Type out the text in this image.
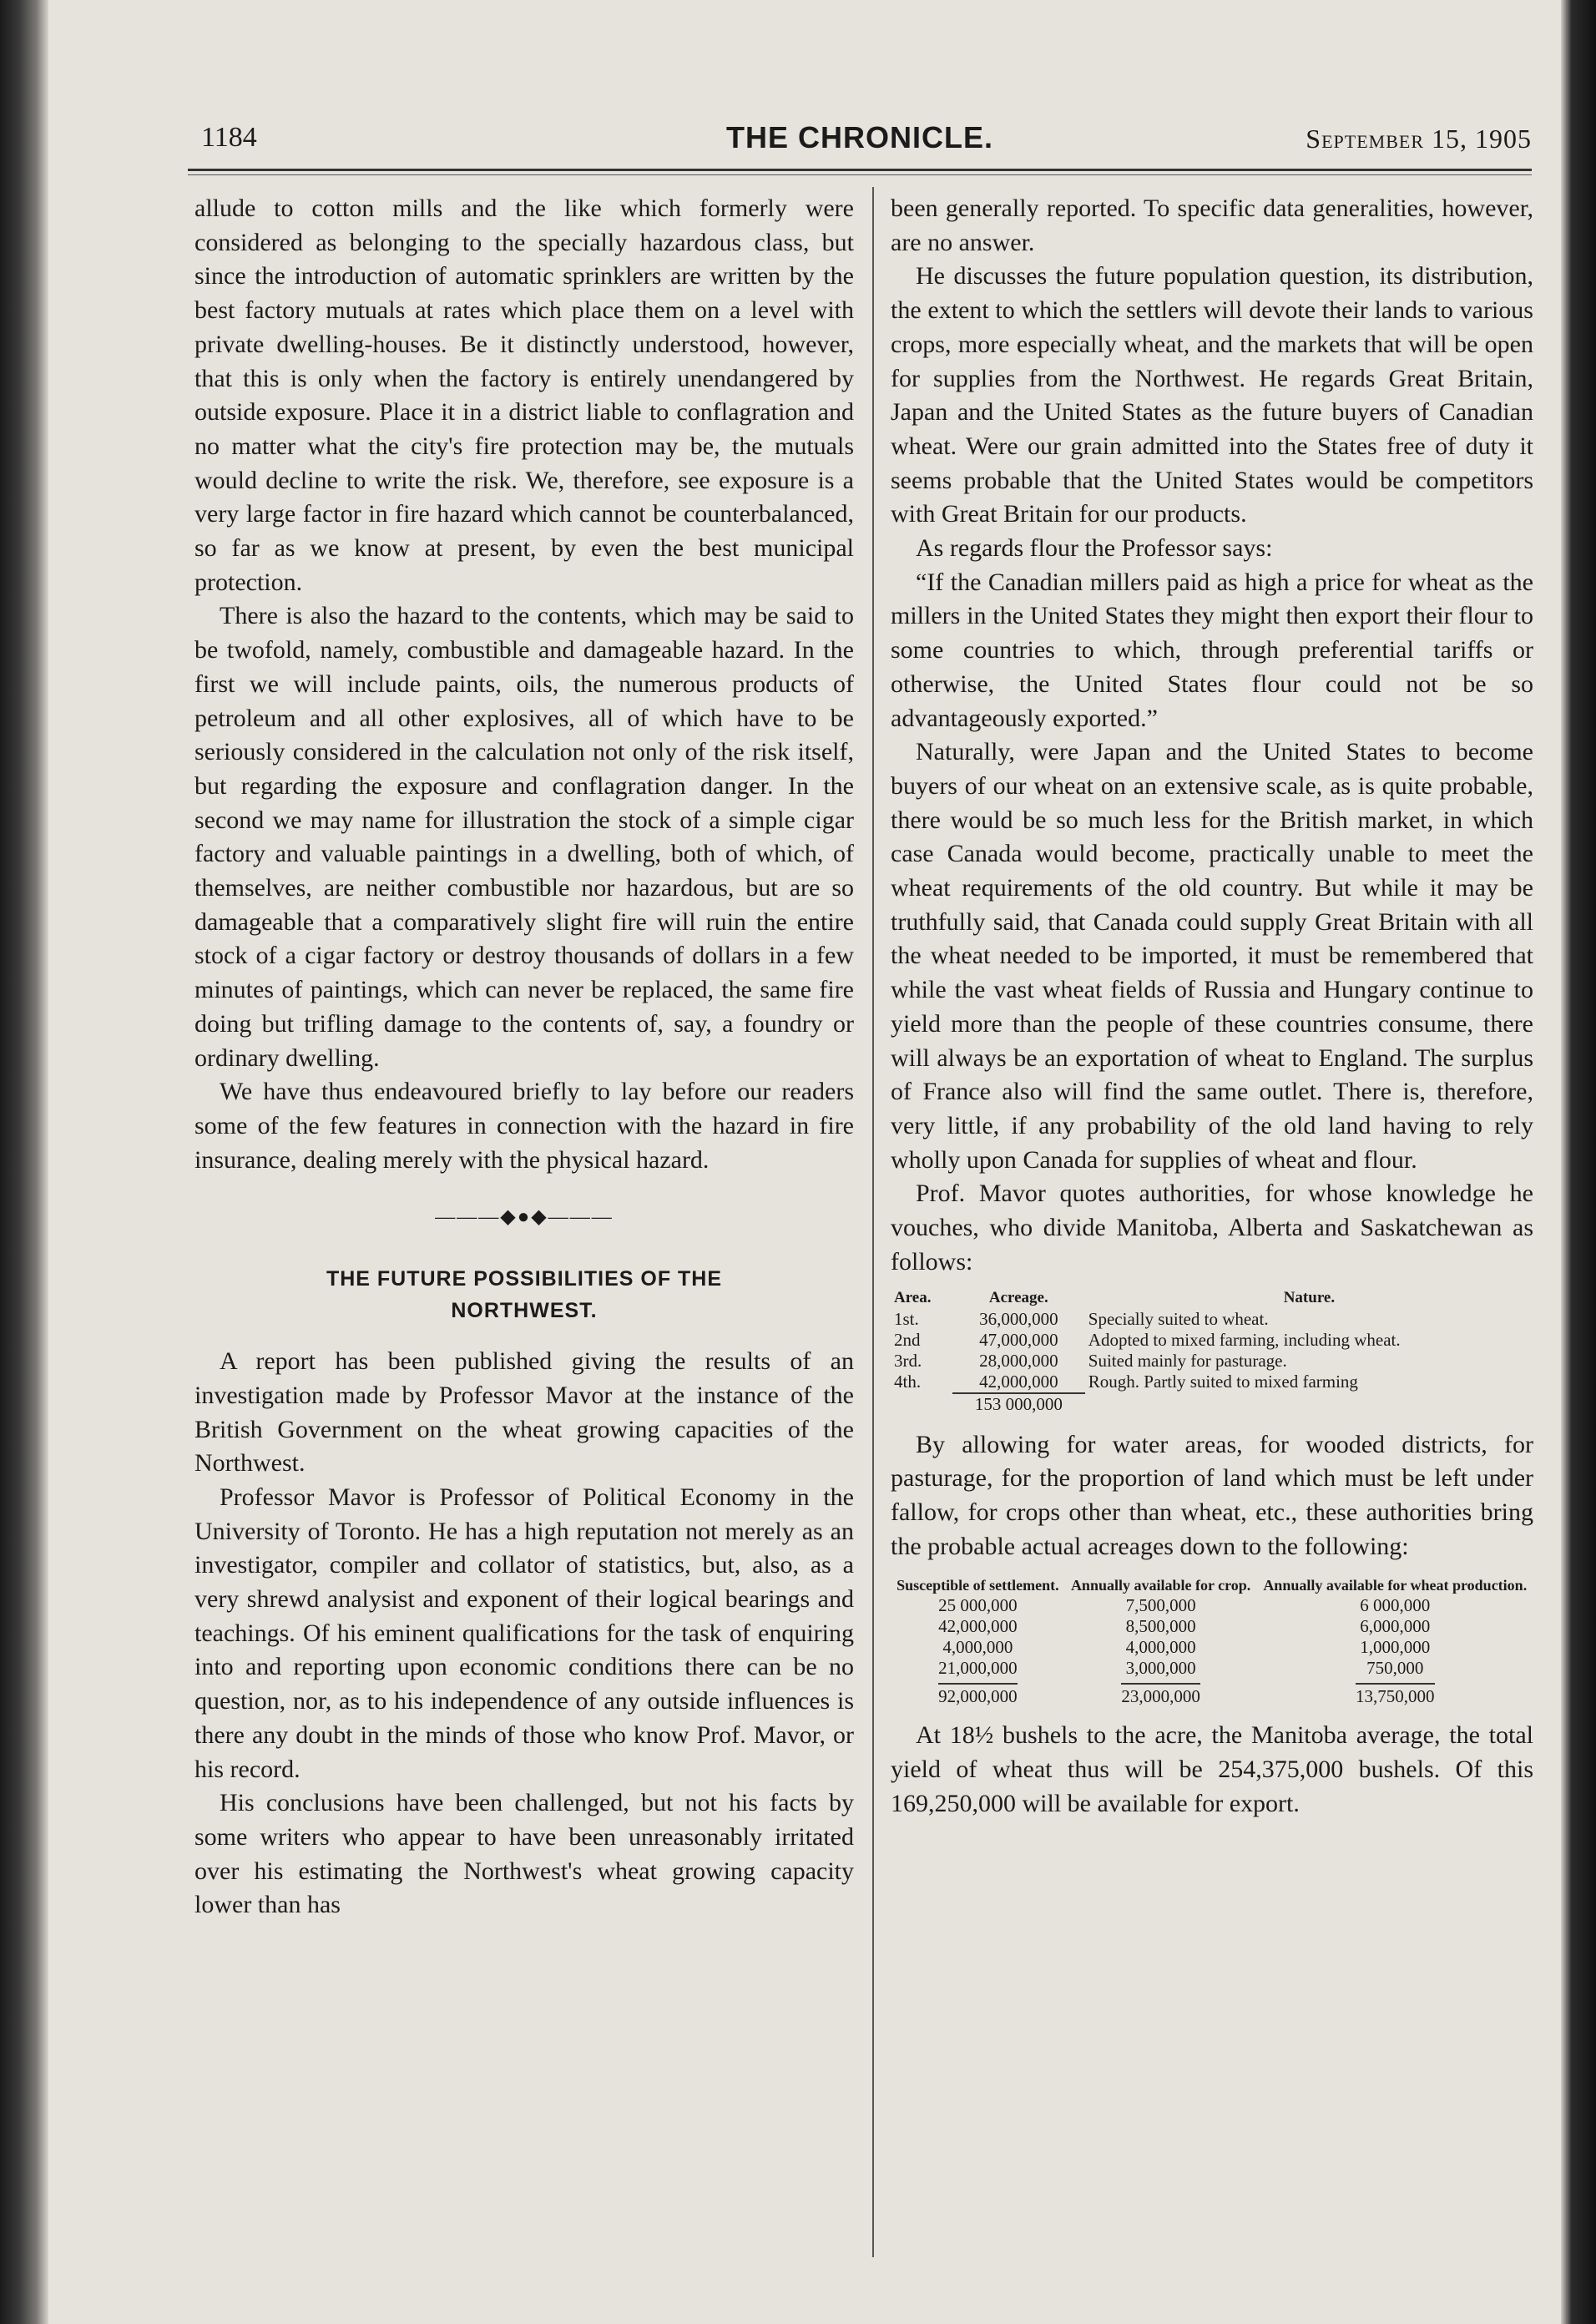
1184	THE CHRONICLE.	September 15, 1905

allude to cotton mills and the like which formerly were considered as belonging to the specially hazardous class, but since the introduction of automatic sprinklers are written by the best factory mutuals at rates which place them on a level with private dwelling-houses. Be it distinctly understood, however, that this is only when the factory is entirely unendangered by outside exposure. Place it in a district liable to conflagration and no matter what the city's fire protection may be, the mutuals would decline to write the risk. We, therefore, see exposure is a very large factor in fire hazard which cannot be counterbalanced, so far as we know at present, by even the best municipal protection.

There is also the hazard to the contents, which may be said to be twofold, namely, combustible and damageable hazard. In the first we will include paints, oils, the numerous products of petroleum and all other explosives, all of which have to be seriously considered in the calculation not only of the risk itself, but regarding the exposure and conflagration danger. In the second we may name for illustration the stock of a simple cigar factory and valuable paintings in a dwelling, both of which, of themselves, are neither combustible nor hazardous, but are so damageable that a comparatively slight fire will ruin the entire stock of a cigar factory or destroy thousands of dollars in a few minutes of paintings, which can never be replaced, the same fire doing but trifling damage to the contents of, say, a foundry or ordinary dwelling.

We have thus endeavoured briefly to lay before our readers some of the few features in connection with the hazard in fire insurance, dealing merely with the physical hazard.

———◆●◆———
THE FUTURE POSSIBILITIES OF THE
NORTHWEST.

A report has been published giving the results of an investigation made by Professor Mavor at the instance of the British Government on the wheat growing capacities of the Northwest.

Professor Mavor is Professor of Political Economy in the University of Toronto. He has a high reputation not merely as an investigator, compiler and collator of statistics, but, also, as a very shrewd analysist and exponent of their logical bearings and teachings. Of his eminent qualifications for the task of enquiring into and reporting upon economic conditions there can be no question, nor, as to his independence of any outside influences is there any doubt in the minds of those who know Prof. Mavor, or his record.

His conclusions have been challenged, but not his facts by some writers who appear to have been unreasonably irritated over his estimating the Northwest's wheat growing capacity lower than has

been generally reported. To specific data generalities, however, are no answer.

He discusses the future population question, its distribution, the extent to which the settlers will devote their lands to various crops, more especially wheat, and the markets that will be open for supplies from the Northwest. He regards Great Britain, Japan and the United States as the future buyers of Canadian wheat. Were our grain admitted into the States free of duty it seems probable that the United States would be competitors with Great Britain for our products.

As regards flour the Professor says:

“If the Canadian millers paid as high a price for wheat as the millers in the United States they might then export their flour to some countries to which, through preferential tariffs or otherwise, the United States flour could not be so advantageously exported.”

Naturally, were Japan and the United States to become buyers of our wheat on an extensive scale, as is quite probable, there would be so much less for the British market, in which case Canada would become, practically unable to meet the wheat requirements of the old country. But while it may be truthfully said, that Canada could supply Great Britain with all the wheat needed to be imported, it must be remembered that while the vast wheat fields of Russia and Hungary continue to yield more than the people of these countries consume, there will always be an exportation of wheat to England. The surplus of France also will find the same outlet. There is, therefore, very little, if any probability of the old land having to rely wholly upon Canada for supplies of wheat and flour.

Prof. Mavor quotes authorities, for whose knowledge he vouches, who divide Manitoba, Alberta and Saskatchewan as follows:

Area.	Acreage.	Nature.
1st.	36,000,000	Specially suited to wheat.
2nd	47,000,000	Adopted to mixed farming, including wheat.
3rd.	28,000,000	Suited mainly for pasturage.
4th.	42,000,000	Rough. Partly suited to mixed farming
	153 000,000	

By allowing for water areas, for wooded districts, for pasturage, for the proportion of land which must be left under fallow, for crops other than wheat, etc., these authorities bring the probable actual acreages down to the following:

Susceptible of settlement.	Annually available for crop.	Annually available for wheat production.
25 000,000	7,500,000	6 000,000
42,000,000	8,500,000	6,000,000
4,000,000	4,000,000	1,000,000
21,000,000	3,000,000	750,000
92,000,000	23,000,000	13,750,000

At 18½ bushels to the acre, the Manitoba average, the total yield of wheat thus will be 254,375,000 bushels. Of this 169,250,000 will be available for export.
